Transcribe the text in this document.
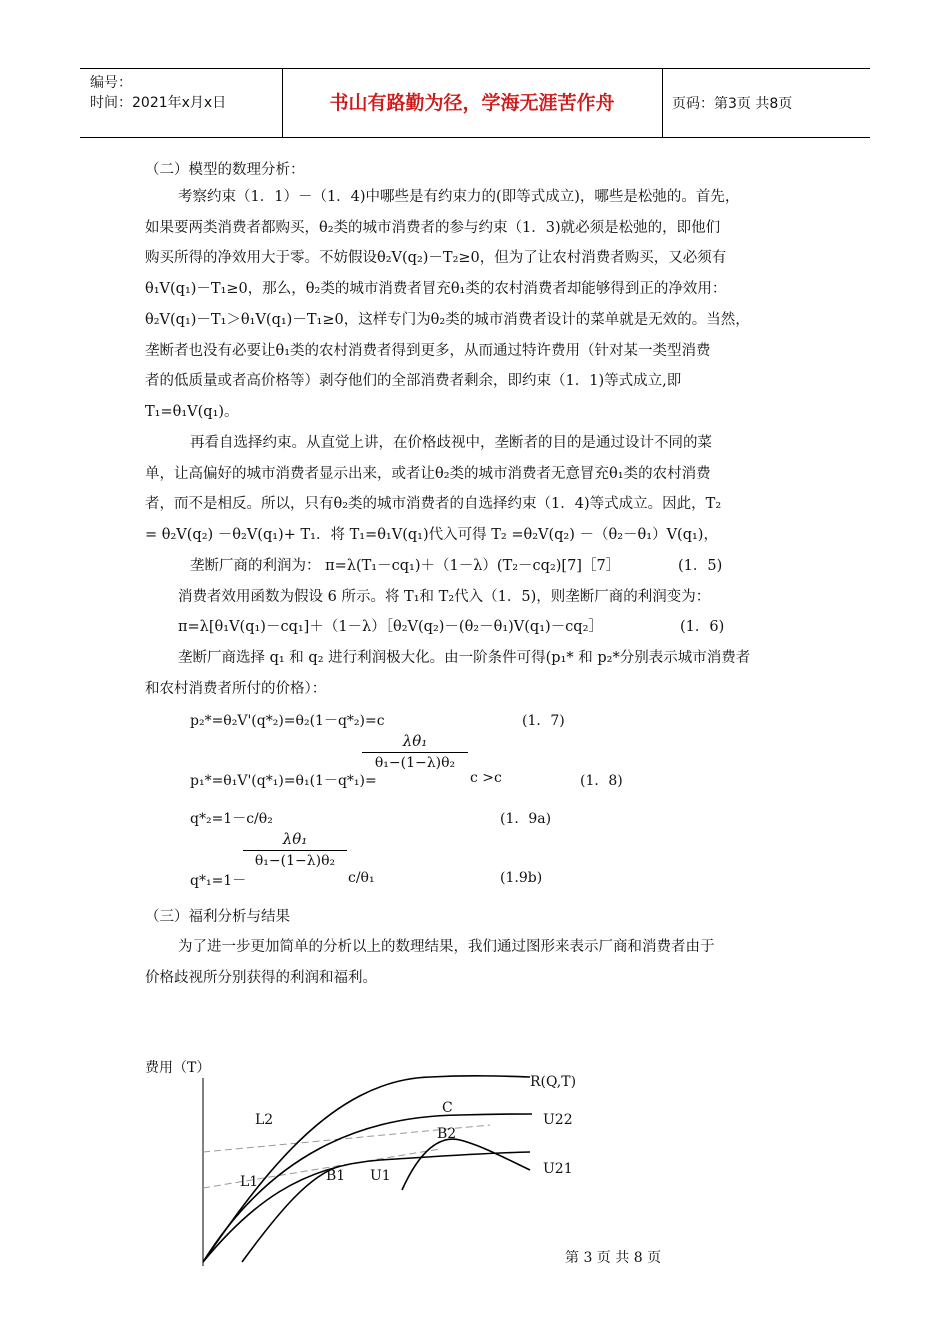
编号：
时间：2021年x月x日	书山有路勤为径，学海无涯苦作舟	页码：第3页 共8页
（二）模型的数理分析：
考察约束（1．1）－（1．4)中哪些是有约束力的(即等式成立)，哪些是松弛的。首先，
如果要两类消费者都购买，θ₂类的城市消费者的参与约束（1．3)就必须是松弛的，即他们
购买所得的净效用大于零。不妨假设θ₂V(q₂)－T₂≥0，但为了让农村消费者购买，又必须有
θ₁V(q₁)－T₁≥0，那么，θ₂类的城市消费者冒充θ₁类的农村消费者却能够得到正的净效用：
θ₂V(q₁)－T₁＞θ₁V(q₁)－T₁≥0，这样专门为θ₂类的城市消费者设计的菜单就是无效的。当然，
垄断者也没有必要让θ₁类的农村消费者得到更多，从而通过特许费用（针对某一类型消费
者的低质量或者高价格等）剥夺他们的全部消费者剩余，即约束（1．1)等式成立,即
T₁=θ₁V(q₁)。
再看自选择约束。从直觉上讲，在价格歧视中，垄断者的目的是通过设计不同的菜
单，让高偏好的城市消费者显示出来，或者让θ₂类的城市消费者无意冒充θ₁类的农村消费
者，而不是相反。所以，只有θ₂类的城市消费者的自选择约束（1．4)等式成立。因此，T₂
= θ₂V(q₂) －θ₂V(q₁)+ T₁．将 T₁=θ₁V(q₁)代入可得 T₂ =θ₂V(q₂) －（θ₂－θ₁）V(q₁)，
垄断厂商的利润为： π=λ(T₁－cq₁)＋（1－λ）(T₂－cq₂)[7]［7］	(1．5)
消费者效用函数为假设 6 所示。将 T₁和 T₂代入（1．5)，则垄断厂商的利润变为：
π=λ[θ₁V(q₁)－cq₁]＋（1－λ）［θ₂V(q₂)－(θ₂－θ₁)V(q₁)－cq₂］	(1．6)
垄断厂商选择 q₁ 和 q₂ 进行利润极大化。由一阶条件可得(p₁* 和 p₂*分别表示城市消费者
和农村消费者所付的价格）：
p₂*=θ₂V'(q*₂)=θ₂(1－q*₂)=c	(1．7)
p₁*=θ₁V'(q*₁)=θ₁(1－q*₁)=
$\frac{\text{λθ₁}}{\text{θ₁−(1−λ)θ₂}}$
c >c	(1．8)
q*₂=1－c/θ₂	(1．9a)
q*₁=1－
$\frac{\text{λθ₁}}{\text{θ₁−(1−λ)θ₂}}$
c/θ₁	(1.9b)
（三）福利分析与结果
为了进一步更加简单的分析以上的数理结果，我们通过图形来表示厂商和消费者由于
价格歧视所分别获得的利润和福利。
费用（T）
R(Q,T)
C
U22
B2
L2
L1	B1 U1	U21
第 3 页 共 8 页
